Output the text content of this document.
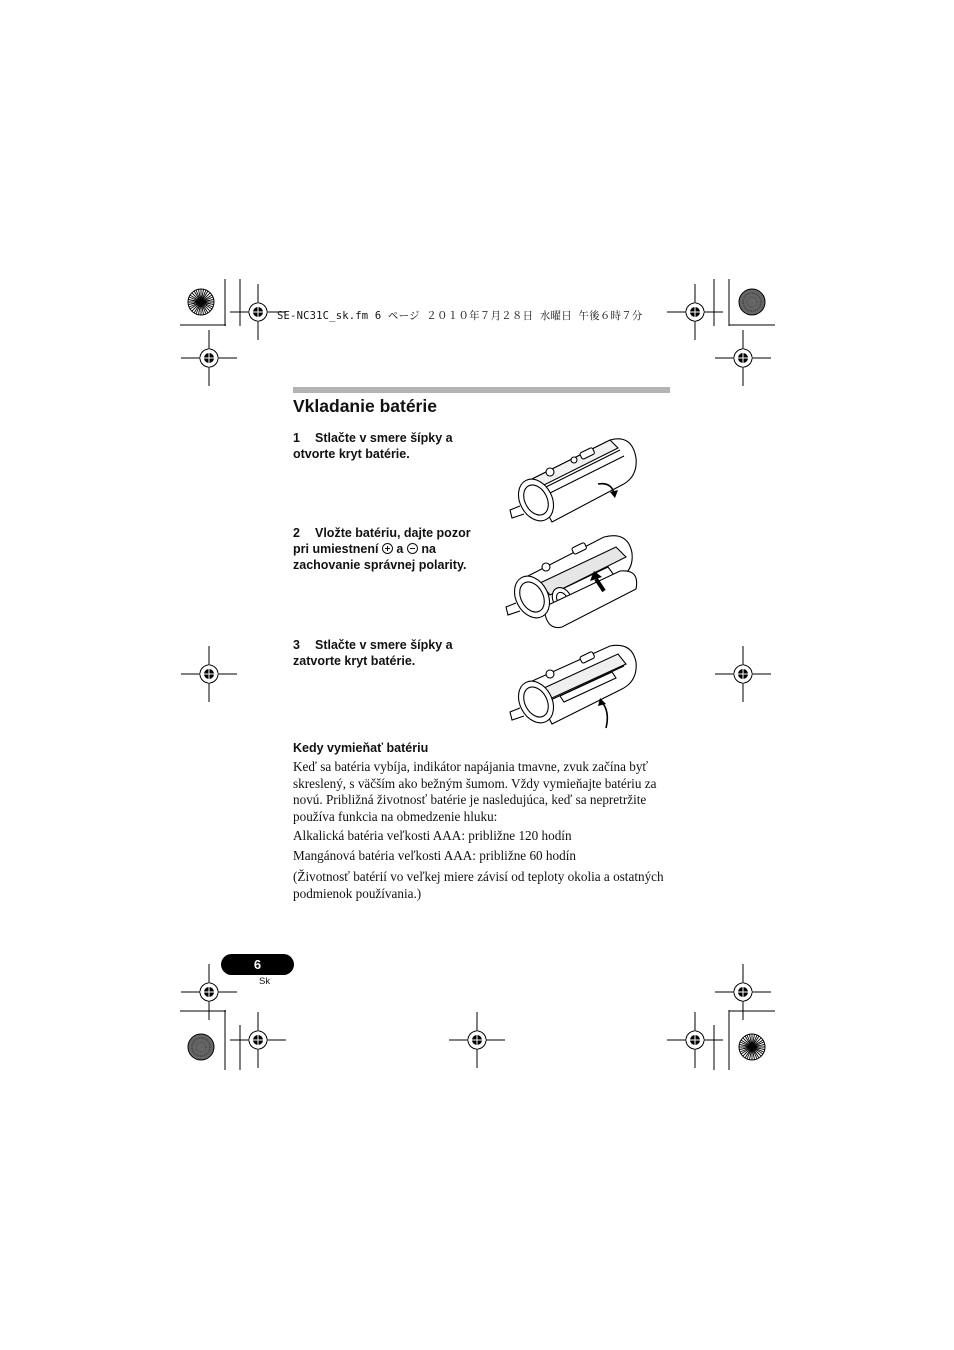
SE-NC31C_sk.fm 6 ページ ２０１０年７月２８日 水曜日 午後６時７分
Vkladanie batérie

1 Stlačte v smere šípky a otvorte kryt batérie.

2 Vložte batériu, dajte pozor pri umiestnení a na zachovanie správnej polarity.

3 Stlačte v smere šípky a zatvorte kryt batérie.

Kedy vymieňať batériu

Keď sa batéria vybíja, indikátor napájania tmavne, zvuk začína byť skreslený, s väčším ako bežným šumom. Vždy vymieňajte batériu za novú. Približná životnosť batérie je nasledujúca, keď sa nepretržite používa funkcia na obmedzenie hluku:

Alkalická batéria veľkosti AAA: približne 120 hodín

Mangánová batéria veľkosti AAA: približne 60 hodín

(Životnosť batérií vo veľkej miere závisí od teploty okolia a ostatných podmienok používania.)

6
Sk
